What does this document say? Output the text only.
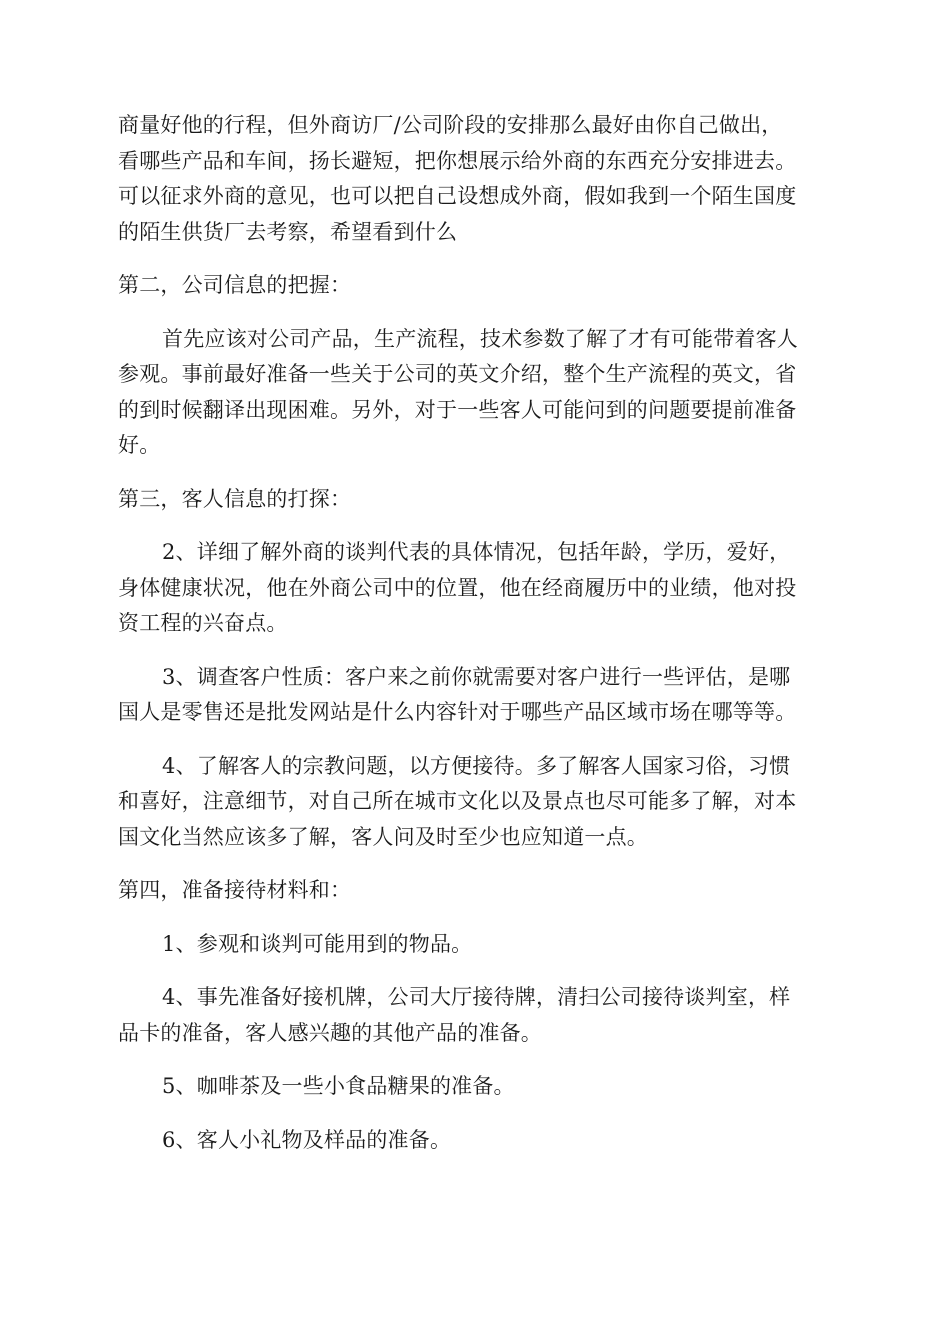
商量好他的行程，但外商访厂/公司阶段的安排那么最好由你自己做出，
看哪些产品和车间，扬长避短，把你想展示给外商的东西充分安排进去。
可以征求外商的意见，也可以把自己设想成外商，假如我到一个陌生国度
的陌生供货厂去考察，希望看到什么

第二，公司信息的把握：

首先应该对公司产品，生产流程，技术参数了解了才有可能带着客人
参观。事前最好准备一些关于公司的英文介绍，整个生产流程的英文，省
的到时候翻译出现困难。另外，对于一些客人可能问到的问题要提前准备
好。

第三，客人信息的打探：

2、详细了解外商的谈判代表的具体情况，包括年龄，学历，爱好，
身体健康状况，他在外商公司中的位置，他在经商履历中的业绩，他对投
资工程的兴奋点。

3、调查客户性质：客户来之前你就需要对客户进行一些评估，是哪
国人是零售还是批发网站是什么内容针对于哪些产品区域市场在哪等等。

4、了解客人的宗教问题，以方便接待。多了解客人国家习俗，习惯
和喜好，注意细节，对自己所在城市文化以及景点也尽可能多了解，对本
国文化当然应该多了解，客人问及时至少也应知道一点。

第四，准备接待材料和：

1、参观和谈判可能用到的物品。

4、事先准备好接机牌，公司大厅接待牌，清扫公司接待谈判室，样
品卡的准备，客人感兴趣的其他产品的准备。

5、咖啡茶及一些小食品糖果的准备。

6、客人小礼物及样品的准备。
